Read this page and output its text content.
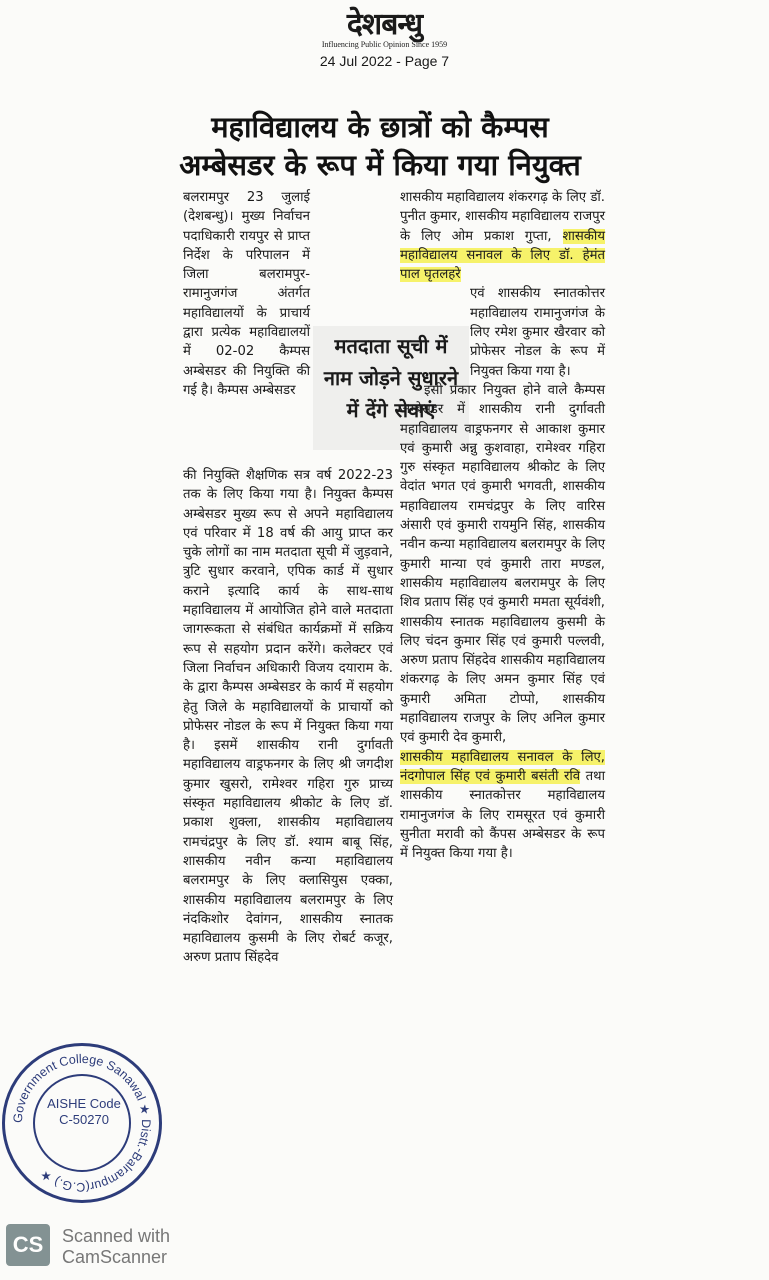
देशबन्धु
Influencing Public Opinion Since 1959
24 Jul 2022 - Page 7
महाविद्यालय के छात्रों को कैम्पस
अम्बेसडर के रूप में किया गया नियुक्त

बलरामपुर 23 जुलाई (देशबन्धु)। मुख्य निर्वाचन पदाधिकारी रायपुर से प्राप्त निर्देश के परिपालन में जिला बलरामपुर-रामानुजगंज अंतर्गत महाविद्यालयों के प्राचार्य द्वारा प्रत्येक महाविद्यालयों में 02-02 कैम्पस अम्बेसडर की नियुक्ति की गई है। कैम्पस अम्बेसडर

की नियुक्ति शैक्षणिक सत्र वर्ष 2022-23 तक के लिए किया गया है। नियुक्त कैम्पस अम्बेसडर मुख्य रूप से अपने महाविद्यालय एवं परिवार में 18 वर्ष की आयु प्राप्त कर चुके लोगों का नाम मतदाता सूची में जुड़वाने, त्रुटि सुधार करवाने, एपिक कार्ड में सुधार कराने इत्यादि कार्य के साथ-साथ महाविद्यालय में आयोजित होने वाले मतदाता जागरूकता से संबंधित कार्यक्रमों में सक्रिय रूप से सहयोग प्रदान करेंगे। कलेक्टर एवं जिला निर्वाचन अधिकारी विजय दयाराम के. के द्वारा कैम्पस अम्बेसडर के कार्य में सहयोग हेतु जिले के महाविद्यालयों के प्राचार्यो को प्रोफेसर नोडल के रूप में नियुक्त किया गया है। इसमें शासकीय रानी दुर्गावती महाविद्यालय वाड्रफनगर के लिए श्री जगदीश कुमार खुसरो, रामेश्वर गहिरा गुरु प्राच्य संस्कृत महाविद्यालय श्रीकोट के लिए डॉ. प्रकाश शुक्ला, शासकीय महाविद्यालय रामचंद्रपुर के लिए डॉ. श्याम बाबू सिंह, शासकीय नवीन कन्या महाविद्यालय बलरामपुर के लिए क्लासियुस एक्का, शासकीय महाविद्यालय बलरामपुर के लिए नंदकिशोर देवांगन, शासकीय स्नातक महाविद्यालय कुसमी के लिए रोबर्ट कजूर, अरुण प्रताप सिंहदेव

मतदाता सूची में
नाम जोड़ने सुधारने
में देंगे सेवाएं

शासकीय महाविद्यालय शंकरगढ़ के लिए डॉ. पुनीत कुमार, शासकीय महाविद्यालय राजपुर के लिए ओम प्रकाश गुप्ता, शासकीय महाविद्यालय सनावल के लिए डॉ. हेमंत पाल घृतलहरे

एवं शासकीय स्नातकोत्तर महाविद्यालय रामानुजगंज के लिए रमेश कुमार खैरवार को प्रोफेसर नोडल के रूप में नियुक्त किया गया है।

इसी प्रकार नियुक्त होने वाले कैम्पस अम्बेसडर में शासकीय रानी दुर्गावती महाविद्यालय वाड्रफनगर से आकाश कुमार एवं कुमारी अन्नु कुशवाहा, रामेश्वर गहिरा गुरु संस्कृत महाविद्यालय श्रीकोट के लिए वेदांत भगत एवं कुमारी भगवती, शासकीय महाविद्यालय रामचंद्रपुर के लिए वारिस अंसारी एवं कुमारी रायमुनि सिंह, शासकीय नवीन कन्या महाविद्यालय बलरामपुर के लिए कुमारी मान्या एवं कुमारी तारा मण्डल, शासकीय महाविद्यालय बलरामपुर के लिए शिव प्रताप सिंह एवं कुमारी ममता सूर्यवंशी, शासकीय स्नातक महाविद्यालय कुसमी के लिए चंदन कुमार सिंह एवं कुमारी पल्लवी, अरुण प्रताप सिंहदेव शासकीय महाविद्यालय शंकरगढ़ के लिए अमन कुमार सिंह एवं कुमारी अमिता टोप्पो, शासकीय महाविद्यालय राजपुर के लिए अनिल कुमार एवं कुमारी देव कुमारी,

शासकीय महाविद्यालय सनावल के लिए, नंदगोपाल सिंह एवं कुमारी बसंती रवि तथा शासकीय स्नातकोत्तर महाविद्यालय रामानुजगंज के लिए रामसूरत एवं कुमारी सुनीता मरावी को कैंपस अम्बेसडर के रूप में नियुक्त किया गया है।

Government College Sanawal ★ Distt.-Balrampur(C.G.) ★
AISHE Code
C-50270
CS	Scanned with
CamScanner
